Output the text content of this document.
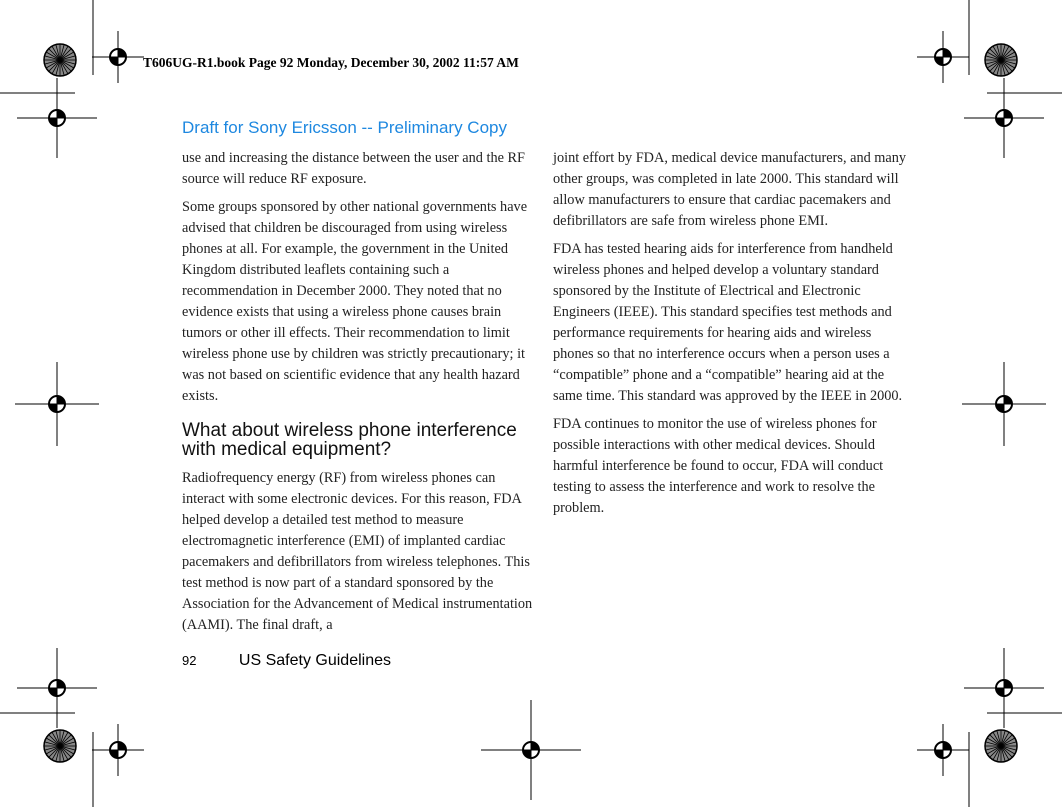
T606UG-R1.book Page 92 Monday, December 30, 2002 11:57 AM
Draft for Sony Ericsson -- Preliminary Copy

use and increasing the distance between the user and the RF source will reduce RF exposure.

Some groups sponsored by other national governments have advised that children be discouraged from using wireless phones at all. For example, the government in the United Kingdom distributed leaflets containing such a recommendation in December 2000. They noted that no evidence exists that using a wireless phone causes brain tumors or other ill effects. Their recommendation to limit wireless phone use by children was strictly precautionary; it was not based on scientific evidence that any health hazard exists.

What about wireless phone interference with medical equipment?

Radiofrequency energy (RF) from wireless phones can interact with some electronic devices. For this reason, FDA helped develop a detailed test method to measure electromagnetic interference (EMI) of implanted cardiac pacemakers and defibrillators from wireless telephones. This test method is now part of a standard sponsored by the Association for the Advancement of Medical instrumentation (AAMI). The final draft, a

joint effort by FDA, medical device manufacturers, and many other groups, was completed in late 2000. This standard will allow manufacturers to ensure that cardiac pacemakers and defibrillators are safe from wireless phone EMI.

FDA has tested hearing aids for interference from handheld wireless phones and helped develop a voluntary standard sponsored by the Institute of Electrical and Electronic Engineers (IEEE). This standard specifies test methods and performance requirements for hearing aids and wireless phones so that no interference occurs when a person uses a “compatible” phone and a “compatible” hearing aid at the same time. This standard was approved by the IEEE in 2000.

FDA continues to monitor the use of wireless phones for possible interactions with other medical devices. Should harmful interference be found to occur, FDA will conduct testing to assess the interference and work to resolve the problem.

92	US Safety Guidelines
